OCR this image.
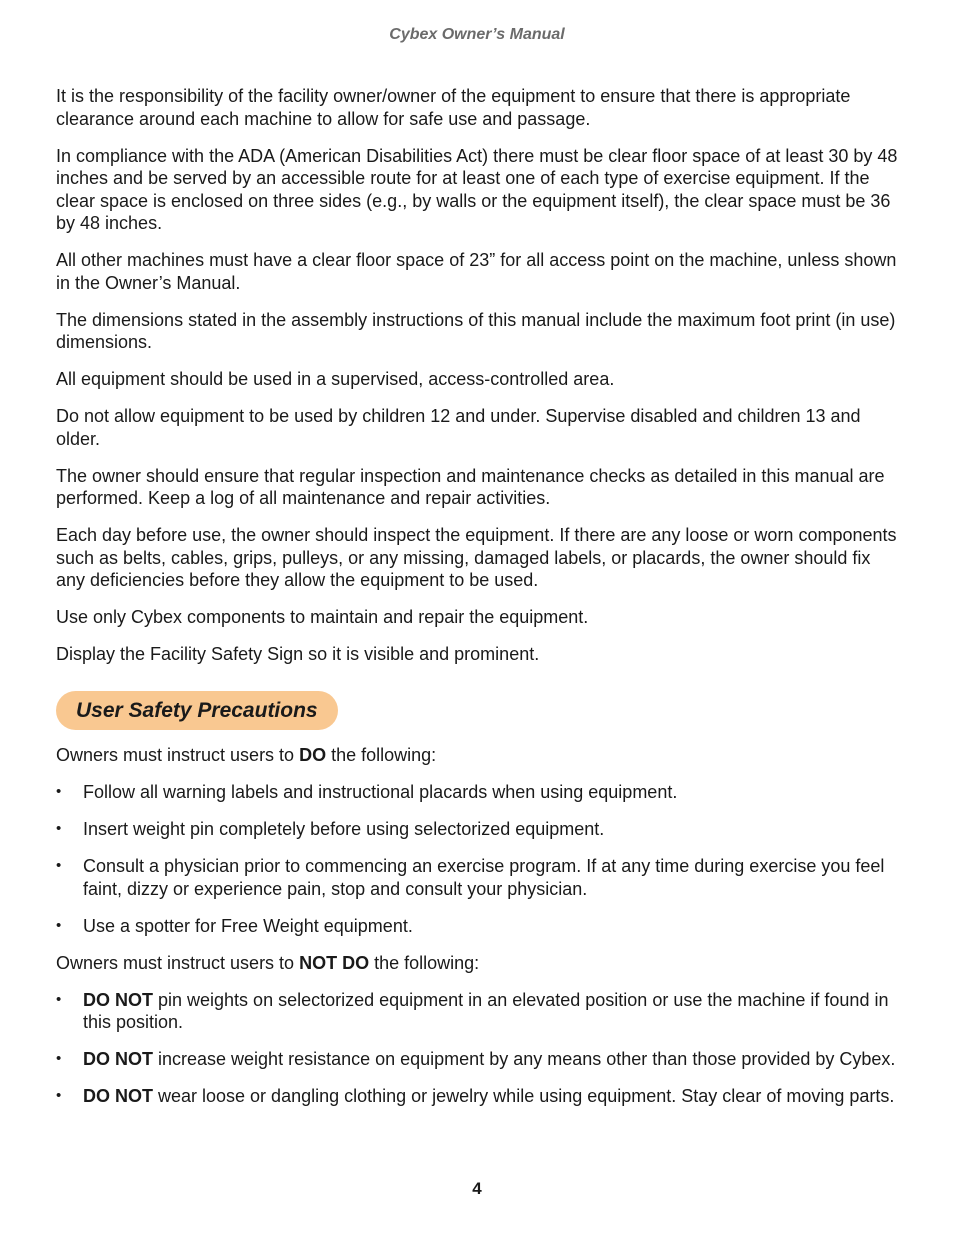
Cybex Owner’s Manual

It is the responsibility of the facility owner/owner of the equipment to ensure that there is appropriate clearance around each machine to allow for safe use and passage.

In compliance with the ADA (American Disabilities Act) there must be clear floor space of at least 30 by 48 inches and be served by an accessible route for at least one of each type of exercise equipment. If the clear space is enclosed on three sides (e.g., by walls or the equipment itself), the clear space must be 36 by 48 inches.

All other machines must have a clear floor space of 23” for all access point on the machine, unless shown in the Owner’s Manual.

The dimensions stated in the assembly instructions of this manual include the maximum foot print (in use) dimensions.

All equipment should be used in a supervised, access-controlled area.

Do not allow equipment to be used by children 12 and under. Supervise disabled and children 13 and older.

The owner should ensure that regular inspection and maintenance checks as detailed in this manual are performed. Keep a log of all maintenance and repair activities.

Each day before use, the owner should inspect the equipment. If there are any loose or worn components such as belts, cables, grips, pulleys, or any missing, damaged labels, or placards, the owner should fix any deficiencies before they allow the equipment to be used.

Use only Cybex components to maintain and repair the equipment.

Display the Facility Safety Sign so it is visible and prominent.

User Safety Precautions

Owners must instruct users to DO the following:

• Follow all warning labels and instructional placards when using equipment.
• Insert weight pin completely before using selectorized equipment.
• Consult a physician prior to commencing an exercise program. If at any time during exercise you feel faint, dizzy or experience pain, stop and consult your physician.
• Use a spotter for Free Weight equipment.

Owners must instruct users to NOT DO the following:

• DO NOT pin weights on selectorized equipment in an elevated position or use the machine if found in this position.
• DO NOT increase weight resistance on equipment by any means other than those provided by Cybex.
• DO NOT wear loose or dangling clothing or jewelry while using equipment. Stay clear of moving parts.
4
